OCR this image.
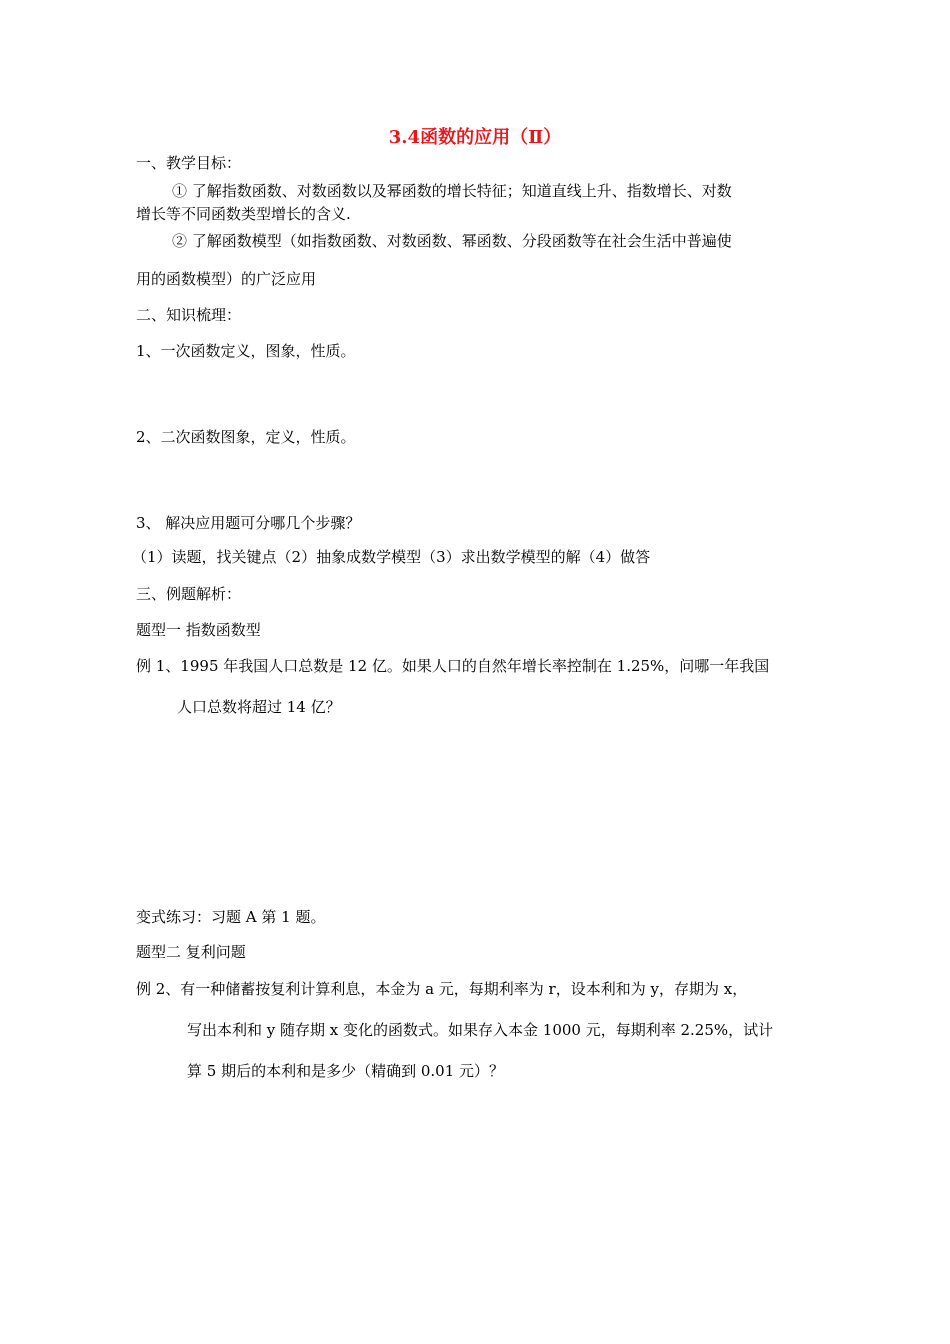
3.4函数的应用（Ⅱ）
一、教学目标：
① 了解指数函数、对数函数以及幂函数的增长特征；知道直线上升、指数增长、对数
增长等不同函数类型增长的含义.
② 了解函数模型（如指数函数、对数函数、幂函数、分段函数等在社会生活中普遍使
用的函数模型）的广泛应用
二、知识梳理：
1、一次函数定义，图象，性质。
2、二次函数图象，定义，性质。
3、 解决应用题可分哪几个步骤？
（1）读题，找关键点（2）抽象成数学模型（3）求出数学模型的解（4）做答
三、例题解析：
题型一 指数函数型
例 1、1995 年我国人口总数是 12 亿。如果人口的自然年增长率控制在 1.25%，问哪一年我国
人口总数将超过 14 亿？
变式练习：习题 A 第 1 题。
题型二 复利问题
例 2、有一种储蓄按复利计算利息，本金为 a 元，每期利率为 r，设本利和为 y，存期为 x，
写出本利和 y 随存期 x 变化的函数式。如果存入本金 1000 元，每期利率 2.25%，试计
算 5 期后的本利和是多少（精确到 0.01 元）？
